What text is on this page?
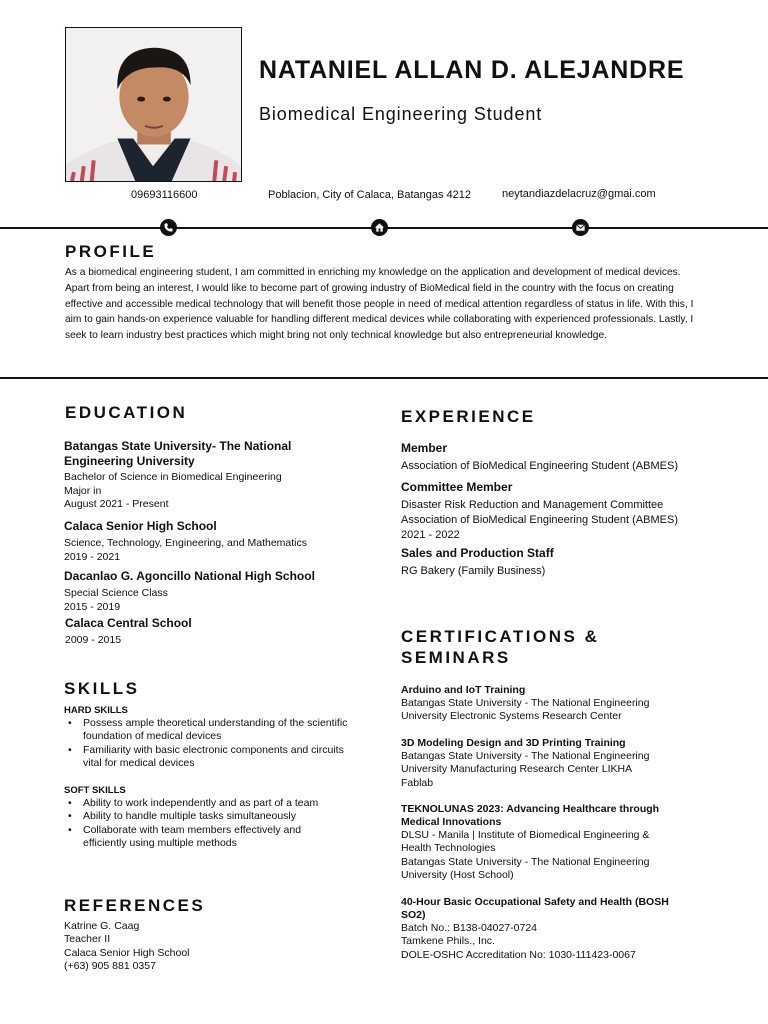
NATANIEL ALLAN D. ALEJANDRE
Biomedical Engineering Student
09693116600	Poblacion, City of Calaca, Batangas 4212	neytandiazdelacruz@gmai.com
PROFILE

As a biomedical engineering student, I am committed in enriching my knowledge on the application and development of medical devices. Apart from being an interest, I would like to become part of growing industry of BioMedical field in the country with the focus on creating effective and accessible medical technology that will benefit those people in need of medical attention regardless of status in life. With this, I aim to gain hands-on experience valuable for handling different medical devices while collaborating with experienced professionals. Lastly, I seek to learn industry best practices which might bring not only technical knowledge but also entrepreneurial knowledge.

EDUCATION
Batangas State University- The National Engineering University
Bachelor of Science in Biomedical Engineering
Major in
August 2021 - Present
Calaca Senior High School
Science, Technology, Engineering, and Mathematics
2019 - 2021
Dacanlao G. Agoncillo National High School
Special Science Class
2015 - 2019
Calaca Central School
2009 - 2015
EXPERIENCE
Member
Association of BioMedical Engineering Student (ABMES)
Committee Member
Disaster Risk Reduction and Management Committee
Association of BioMedical Engineering Student (ABMES)
2021 - 2022
Sales and Production Staff
RG Bakery (Family Business)
CERTIFICATIONS & SEMINARS
Arduino and IoT Training
Batangas State University - The National Engineering
University Electronic Systems Research Center
3D Modeling Design and 3D Printing Training
Batangas State University - The National Engineering
University Manufacturing Research Center LIKHA
Fablab
TEKNOLUNAS 2023: Advancing Healthcare through Medical Innovations
DLSU - Manila | Institute of Biomedical Engineering &
Health Technologies
Batangas State University - The National Engineering
University (Host School)
40-Hour Basic Occupational Safety and Health (BOSH SO2)
Batch No.: B138-04027-0724
Tamkene Phils., Inc.
DOLE-OSHC Accreditation No: 1030-111423-0067
SKILLS
HARD SKILLS
• Possess ample theoretical understanding of the scientific foundation of medical devices
• Familiarity with basic electronic components and circuits vital for medical devices
SOFT SKILLS
• Ability to work independently and as part of a team
• Ability to handle multiple tasks simultaneously
• Collaborate with team members effectively and efficiently using multiple methods
REFERENCES
Katrine G. Caag
Teacher II
Calaca Senior High School
(+63) 905 881 0357
